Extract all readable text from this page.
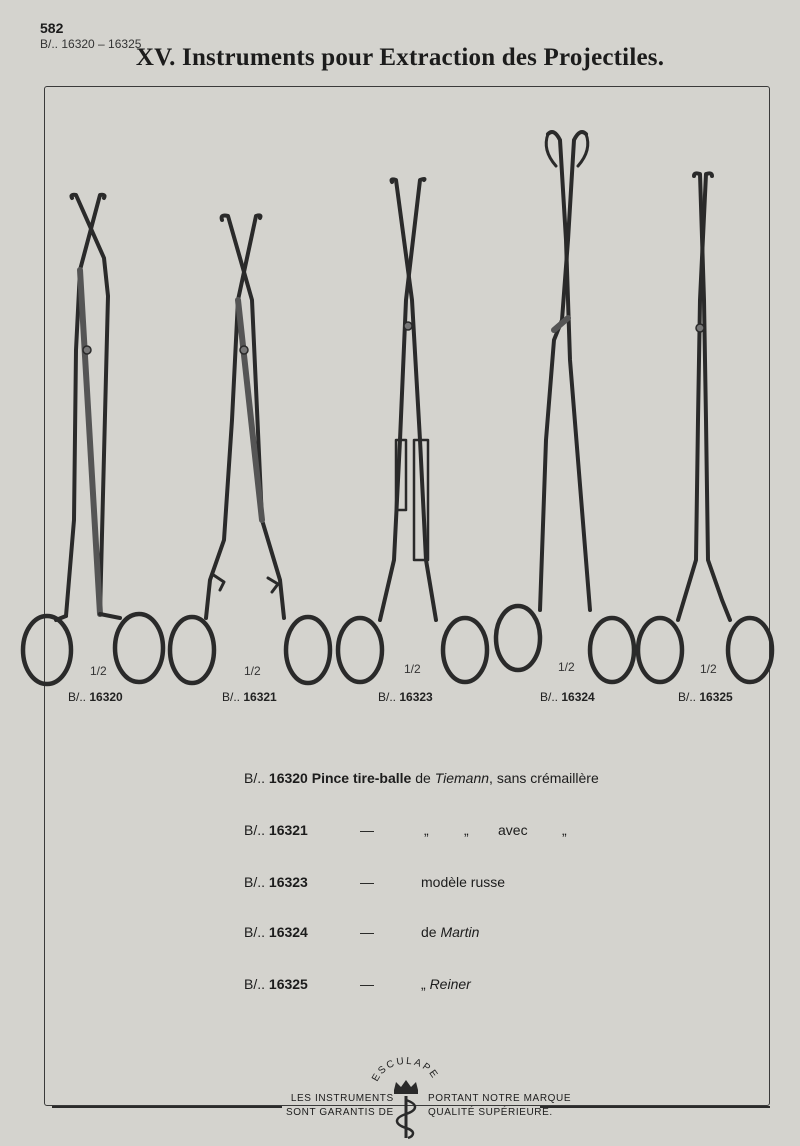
582
B/.. 16320 – 16325
XV. Instruments pour Extraction des Projectiles.
1/2	1/2	1/2	1/2	1/2
B/.. 16320	B/.. 16321	B/.. 16323	B/.. 16324	B/.. 16325
B/.. 16320 Pince tire-balle de Tiemann, sans crémaillère
B/.. 16321	—	„	„ avec „
B/.. 16323	—	modèle russe
B/.. 16324	—	de Martin
B/.. 16325	—	„ Reiner
ESCULAPE
LES INSTRUMENTS
SONT GARANTIS DE
PORTANT NOTRE MARQUE
QUALITÉ SUPÉRIEURE.
